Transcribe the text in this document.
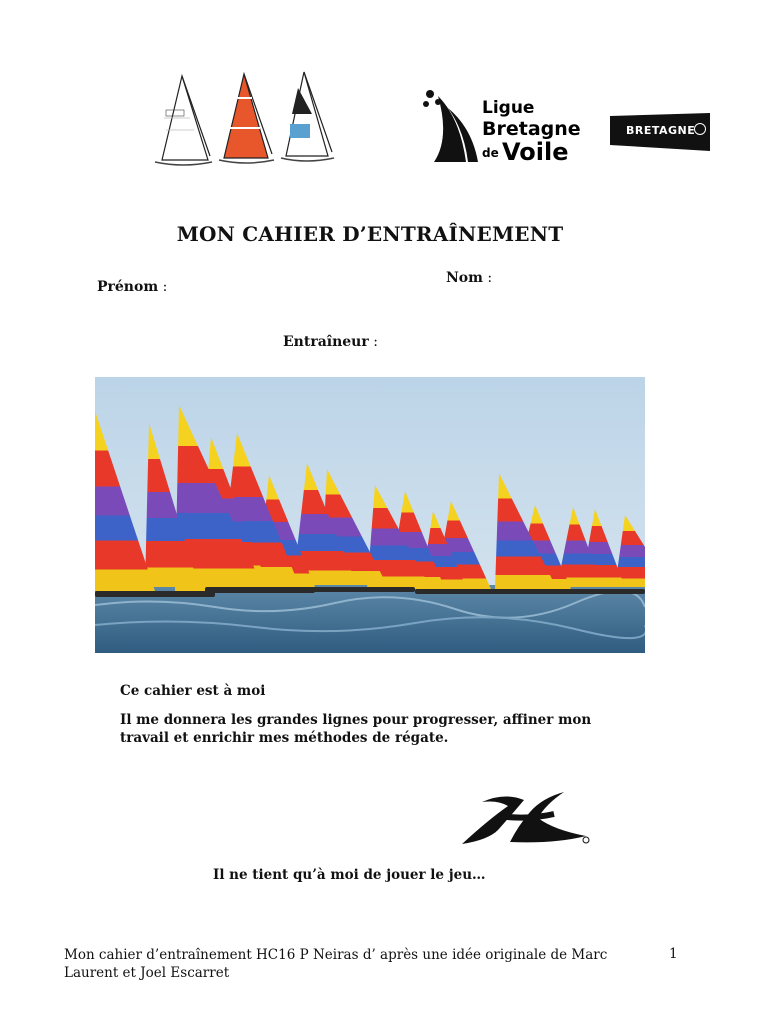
Ligue
Bretagne
de Voile
BRETAGNE
MON CAHIER D’ENTRAÎNEMENT
Prénom :
Nom :
Entraîneur :
Ce cahier est à moi
Il me donnera les grandes lignes pour progresser, affiner mon travail et enrichir mes méthodes de régate.
Il ne tient qu’à moi de jouer le jeu…
Mon cahier d’entraînement HC16 P Neiras d’ après une idée originale de Marc Laurent et Joel Escarret
1
